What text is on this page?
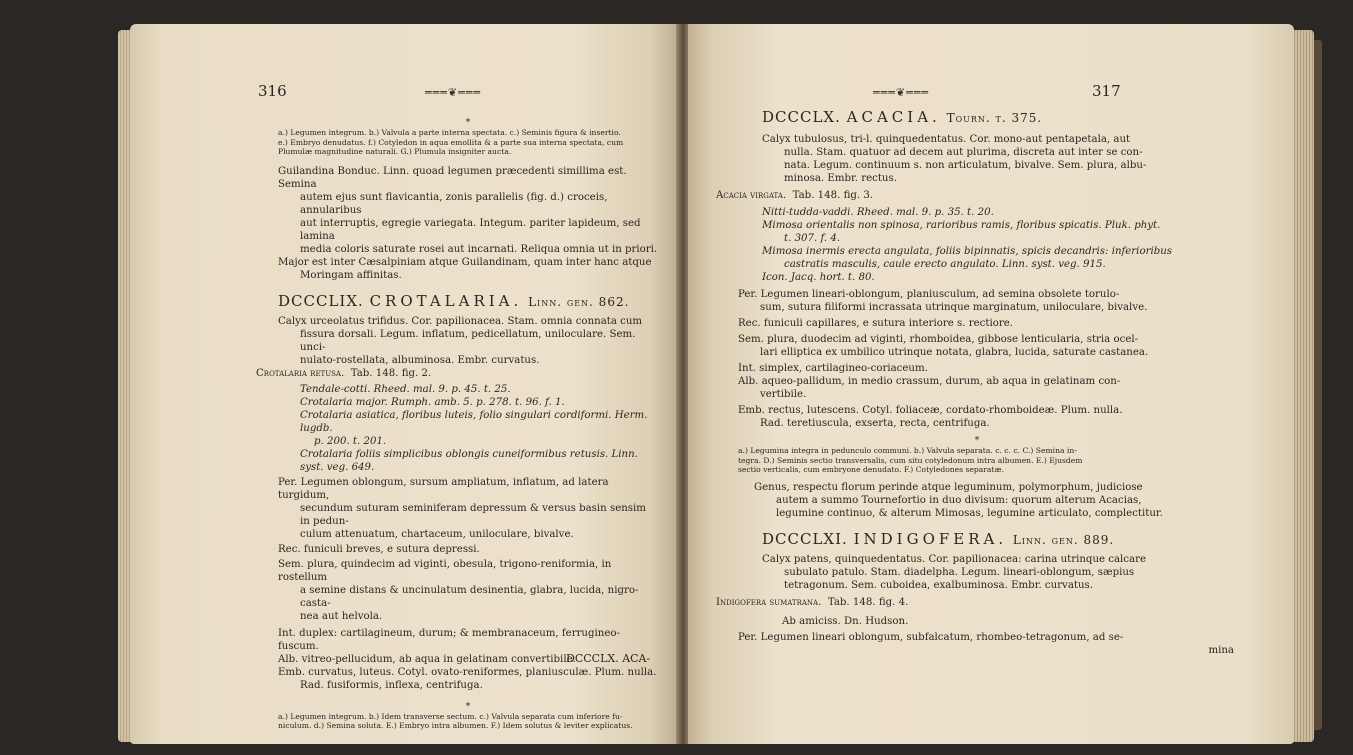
316	═══❦═══
*

a.) Legumen integrum. b.) Valvula a parte interna spectata. c.) Seminis figura & insertio.

e.) Embryo denudatus. f.) Cotyledon in aqua emollita & a parte sua interna spectata, cum

Plumulæ magnitudine naturali. G.) Plumula insigniter aucta.

Guilandina Bonduc. Linn. quoad legumen præcedenti simillima est. Semina

autem ejus sunt flavicantia, zonis parallelis (fig. d.) croceis, annularibus

aut interruptis, egregie variegata. Integum. pariter lapideum, sed lamina

media coloris saturate rosei aut incarnati. Reliqua omnia ut in priori.

Major est inter Cæsalpiniam atque Guilandinam, quam inter hanc atque

Moringam affinitas.

DCCCLIX. CROTALARIA. Linn. gen. 862.

Calyx urceolatus trifidus. Cor. papilionacea. Stam. omnia connata cum

fissura dorsali. Legum. inflatum, pedicellatum, uniloculare. Sem. unci-

nulato-rostellata, albuminosa. Embr. curvatus.

Crotalaria retusa. Tab. 148. fig. 2.

Tendale-cotti. Rheed. mal. 9. p. 45. t. 25.

Crotalaria major. Rumph. amb. 5. p. 278. t. 96. f. 1.

Crotalaria asiatica, floribus luteis, folio singulari cordiformi. Herm. lugdb.

p. 200. t. 201.

Crotalaria foliis simplicibus oblongis cuneiformibus retusis. Linn. syst. veg. 649.

Per. Legumen oblongum, sursum ampliatum, inflatum, ad latera turgidum,

secundum suturam seminiferam depressum & versus basin sensim in pedun-

culum attenuatum, chartaceum, uniloculare, bivalve.

Rec. funiculi breves, e sutura depressi.

Sem. plura, quindecim ad viginti, obesula, trigono-reniformia, in rostellum

a semine distans & uncinulatum desinentia, glabra, lucida, nigro-casta-

nea aut helvola.

Int. duplex: cartilagineum, durum; & membranaceum, ferrugineo-fuscum.

Alb. vitreo-pellucidum, ab aqua in gelatinam convertibile.

Emb. curvatus, luteus. Cotyl. ovato-reniformes, planiusculæ. Plum. nulla.

Rad. fusiformis, inflexa, centrifuga.

*

a.) Legumen integrum. b.) Idem transverse sectum. c.) Valvula separata cum inferiore fu-

niculum. d.) Semina soluta. E.) Embryo intra albumen. F.) Idem solutus & leviter explicatus.

DCCCLX. ACA-
═══❦═══	317

DCCCLX. ACACIA. Tourn. t. 375.

Calyx tubulosus, tri-l. quinquedentatus. Cor. mono-aut pentapetala, aut

nulla. Stam. quatuor ad decem aut plurima, discreta aut inter se con-

nata. Legum. continuum s. non articulatum, bivalve. Sem. plura, albu-

minosa. Embr. rectus.

Acacia virgata. Tab. 148. fig. 3.

Nitti-tudda-vaddi. Rheed. mal. 9. p. 35. t. 20.

Mimosa orientalis non spinosa, rarioribus ramis, floribus spicatis. Pluk. phyt.

t. 307. f. 4.

Mimosa inermis erecta angulata, foliis bipinnatis, spicis decandris: inferioribus

castratis masculis, caule erecto angulato. Linn. syst. veg. 915.

Icon. Jacq. hort. t. 80.

Per. Legumen lineari-oblongum, planiusculum, ad semina obsolete torulo-

sum, sutura filiformi incrassata utrinque marginatum, uniloculare, bivalve.

Rec. funiculi capillares, e sutura interiore s. rectiore.

Sem. plura, duodecim ad viginti, rhomboidea, gibbose lenticularia, stria ocel-

lari elliptica ex umbilico utrinque notata, glabra, lucida, saturate castanea.

Int. simplex, cartilagineo-coriaceum.

Alb. aqueo-pallidum, in medio crassum, durum, ab aqua in gelatinam con-

vertibile.

Emb. rectus, lutescens. Cotyl. foliaceæ, cordato-rhomboideæ. Plum. nulla.

Rad. teretiuscula, exserta, recta, centrifuga.

*

a.) Legumina integra in pedunculo communi. b.) Valvula separata. c. c. c. C.) Semina in-

tegra. D.) Seminis sectio transversalis, cum situ cotyledonum intra albumen. E.) Ejusdem

sectio verticalis, cum embryone denudato. F.) Cotyledones separatæ.

Genus, respectu florum perinde atque leguminum, polymorphum, judiciose

autem a summo Tournefortio in duo divisum: quorum alterum Acacias,

legumine continuo, & alterum Mimosas, legumine articulato, complectitur.

DCCCLXI. INDIGOFERA. Linn. gen. 889.

Calyx patens, quinquedentatus. Cor. papilionacea: carina utrinque calcare

subulato patulo. Stam. diadelpha. Legum. lineari-oblongum, sæpius

tetragonum. Sem. cuboidea, exalbuminosa. Embr. curvatus.

Indigofera sumatrana. Tab. 148. fig. 4.

Ab amiciss. Dn. Hudson.

Per. Legumen lineari oblongum, subfalcatum, rhombeo-tetragonum, ad se-

mina
